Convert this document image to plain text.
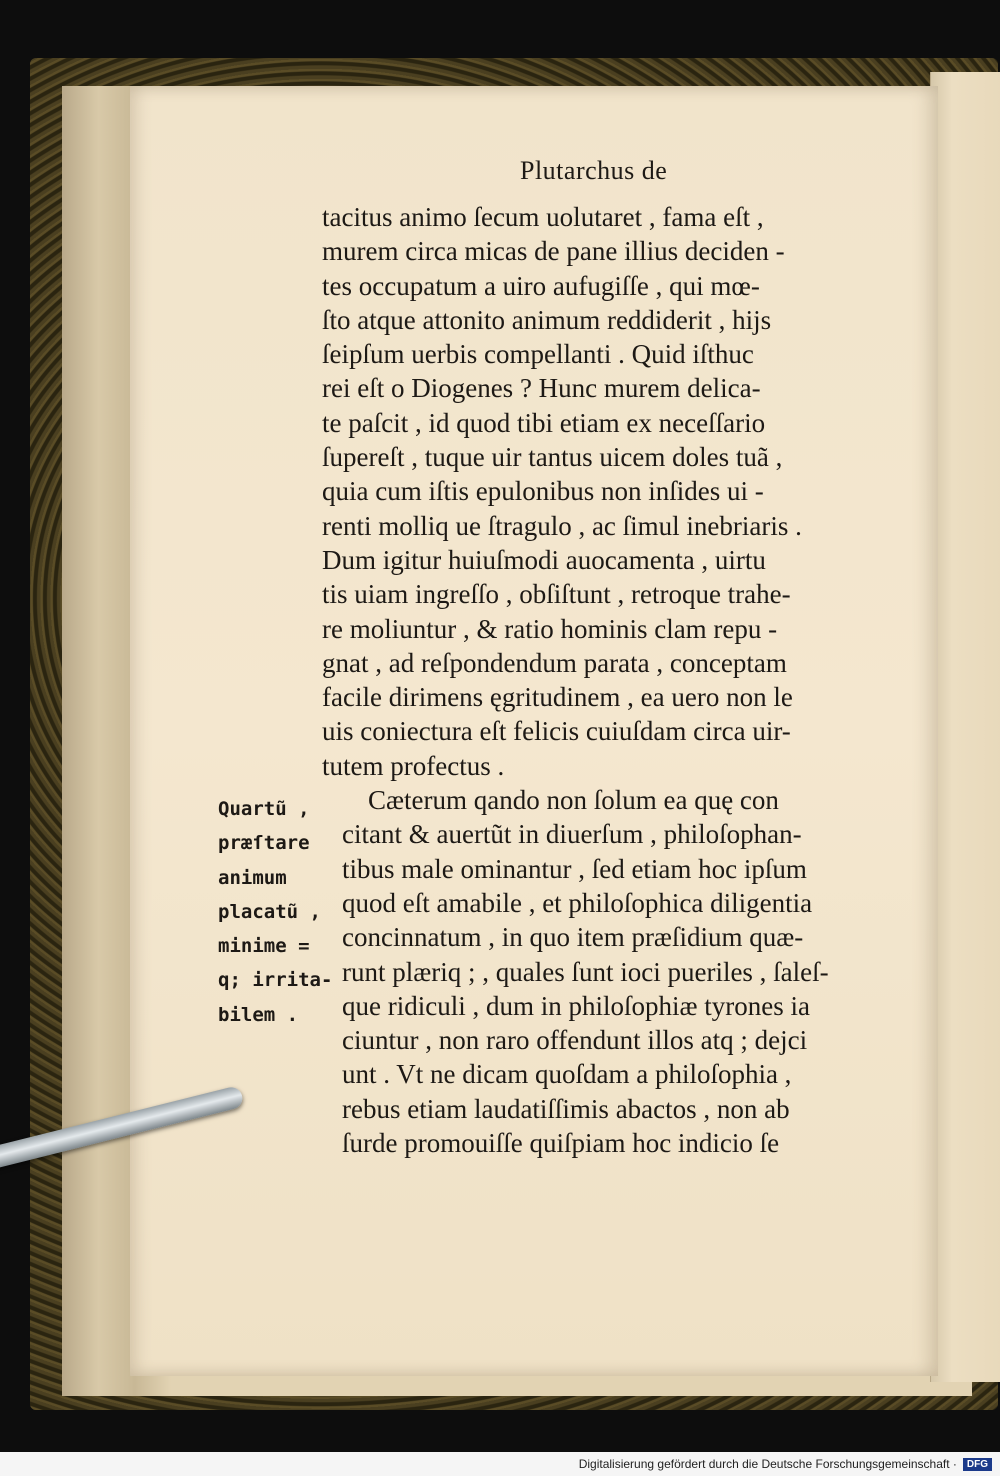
Plutarchus de
tacitus animo ſecum uolutaret , fama eſt ,
murem circa micas de pane illius deciden -
tes occupatum a uiro aufugiſſe , qui mœ-
ſto atque attonito animum reddiderit , hijs
ſeipſum uerbis compellanti . Quid iſthuc
rei eſt o Diogenes ? Hunc murem delica-
te paſcit , id quod tibi etiam ex neceſſario
ſupereſt , tuque uir tantus uicem doles tuã ,
quia cum iſtis epulonibus non inſides ui -
renti molliq ue ſtragulo , ac ſimul inebriaris .
Dum igitur huiuſmodi auocamenta , uirtu
tis uiam ingreſſo , obſiſtunt , retroque trahe-
re moliuntur , & ratio hominis clam repu -
gnat , ad reſpondendum parata , conceptam
facile dirimens ęgritudinem , ea uero non le
uis coniectura eſt felicis cuiuſdam circa uir-
tutem profectus .
Cæterum qando non ſolum ea quę con
citant & auertũt in diuerſum , philoſophan-
tibus male ominantur , ſed etiam hoc ipſum
quod eſt amabile , et philoſophica diligentia
concinnatum , in quo item præſidium quæ-
runt plæriq ; , quales ſunt ioci pueriles , ſaleſ-
que ridiculi , dum in philoſophiæ tyrones ia
ciuntur , non raro offendunt illos atq ; dejci
unt . Vt ne dicam quoſdam a philoſophia ,
rebus etiam laudatiſſimis abactos , non ab
ſurde promouiſſe quiſpiam hoc indicio ſe
Quartũ ,
præſtare
animum
placatũ ,
minime =
q; irrita-
bilem .
Digitalisierung gefördert durch die Deutsche Forschungsgemeinschaft ·	DFG
